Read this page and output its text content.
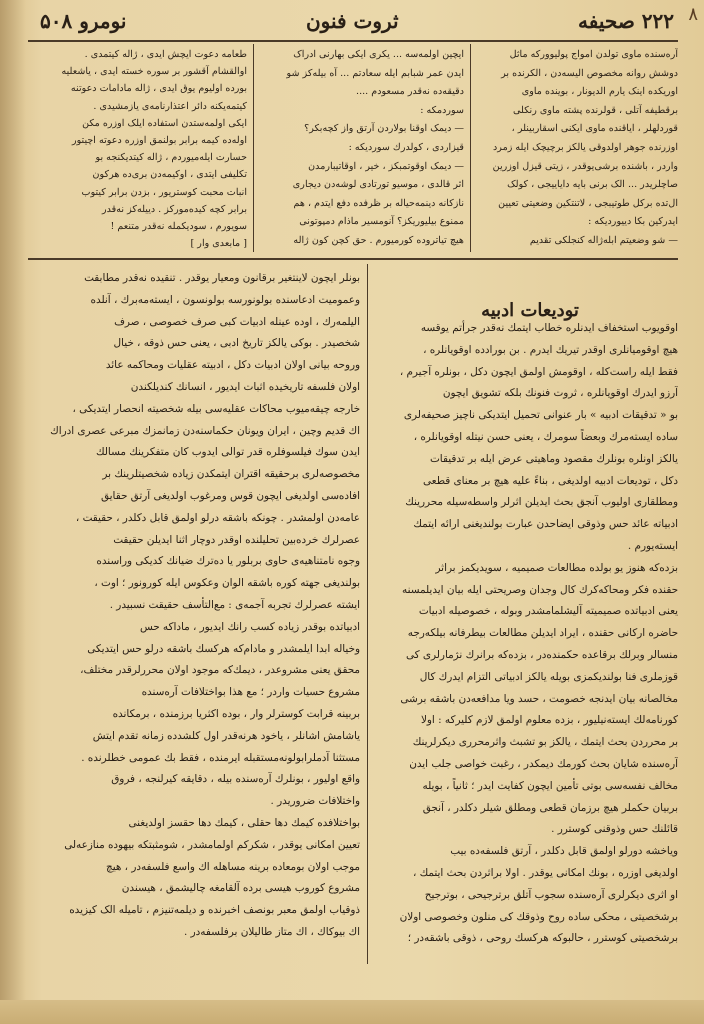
۸
۲۲۲ صحیفه
ثروت فنون
نومرو ۵۰۸
آره‌سنده ماوی تولدن امواج پولیوورکه ماثل
دوشش روانه مخصوص الیسه‌دن ، الکرنده بر
اوریکده اینک یارم الدیونار ، بوینده ماوی
برقطیفه آتلی ، قولرنده پشته ماوی رنکلی
قوردلهلر ، ایاقنده ماوی ایکنی اسقاربینلر ،
اوزرنده جوهر اولدوقی یالکز برچیچک ایله زمرد
واردر ، باشنده برشی‌یوقدر ، زیتی قیزل اوزرین
صاچلریدر ... الک برنی بایه دایاییجی ، کولک
ال‌تده برکل طوتیبجی ، لاتنتکین وضعیتی تعیین
ایدرکین بکا دییوردیکه :
— شو وضعیتم ابله‌ژاله کنجلکی تقدیم
ایچین اولمه‌سه ... یکری ایکی بهارنی ادراک
ایدن عمر شبابم ایله سعادتم ... آه بیله‌کز شو
دقیقه‌ده نه‌قدر مسعودم ....
سوردمکه :
— دیمک اوقنا بولاردن آرتق واز کچه‌بکر؟
قیزاردی ، کولدرك سوردیکه :
— دیمک اوقوتمبکز ، خیر ، اوقاتیبارمدن
اثر قالدی ، موسیو تورتادی لوشه‌دن دیجاری
نازکانه دینمه‌حیاله بر ظرفده دفع ایتدم ، هم
ممنوع بیلیوریکز؟ آنومسیر ماذام دمپوتونی
هیچ تیاتروده کورمیورم . حق کچن کون ژاله
طعامه دعوت ایچش ایدی ، ژاله کیتمدی .
اوالقشام آقشور بر سوره خسته ایدی ، یاشعلیه
بورده اولیوم یوق ایدی ، ژاله مادامات دعوتنه
کیتمه‌یکنه دائر اعتذارنامه‌ی یازمشیدی .
ایکی اولمه‌ستدن استفاده ایلک اوزره مکن
اوله‌ده کیمه برابر بولنمق اوزره دعوته اچیتور
حسارت ایله‌میوردم ، ژاله کیتدیکنجه بو
تکلیفی ایتدی ، اوکیمه‌دن بری‌ده هرکون
انبات محبت کوستریور ، بزدن برابر کیتوب
برابر کچه کیده‌مورکز . دییله‌کز نه‌قدر
سویورم ، سودیکمله نه‌قدر متنعم !
[ مابعدی وار ]
تودیعات ادبیه
اوقویوب استخفاف ایدنلره خطاب ایتمك نه‌قدر جرأتم یوقسه
هیچ اوقومیانلری اوقدر تیریك ایدرم . بن بورادده اوقویانلره ،
فقط ایله راست‌کله ، اوقومش اولمق ایچون دکل ، بونلره آجیرم ،
آرزو ایدرك اوقویانلره ، ثروت فنونك بلکه تشویق ایچون
بو « تدقیقات ادبیه » بار عنوانی تحمیل ایتدیکی ناچیز صحیفه‌لری
ساده ایسته‌مرك وبعضاً سومرك ، یعنی حسن نیتله اوقویانلره ،
یالکز اونلره بونلرك مقصود وماهیتی عرض ایله بر تدقیقات
دکل ، تودیعات ادبیه اولدیغی ، بناءً علیه هیچ بر معنای قطعی
ومطلقاری اولیوب آنجق بحث ایدیلن اثرلر واسطه‌سیله محررینك
ادبیاته عائد حس وذوقی ایضاحدن عبارت بولندیغنی ارائه ایتمك
ایسته‌یورم .
بزده‌که هنوز یو بولده مطالعات صمیمیه ، سویدیکمز براثر
حقنده فکر ومحاکه‌کرك کال وجدان وصریحتی ایله بیان ایدیلمسنه
یعنی ادبیاتده صمیمیته آلیشلمامشدر وبوله ، خصوصیله ادبیات
حاضره ارکانی حقنده ، ایراد ایدیلن مطالعات بیطرفانه بیلکه‌رجه
منسالر وبرلك برقاعده حکمنده‌در ، بزده‌که برانرك نژمارلری کی
قوزملری فنا بولندیکمزی بویله یالکز ادبیاتی التزام ایدرك کال
مخالصانه بیان ایدنجه خصومت ، حسد ویا مدافعه‌دن باشقه برشی
کورنامه‌لك ایسته‌نیلیور ، بزده معلوم اولمق لازم کلیرکه : اولا
بر محرردن بحث ایتمك ، یالکز بو تشبث واثرمحرری دیکرلرینك
آره‌سنده شایان بحث کورمك دیمکدر ، رغبت خواصی جلب ایدن
مخالف نفسه‌سی بوتی تأمین ایچون کفایت ایدر ؛ ثانیاً ، بویله
بربیان حکملر هیچ برزمان قطعی ومطلق شیلر دکلدر ، آنجق
قائلنك حس وذوقنی کوسترر .
ویاخشه دورلو اولمق قابل دکلدر ، آرتق فلسفه‌ده بیب
اولدیغی اوزره ، بونك امکانی یوقدر . اولا براثردن بحث ایتمك ،
او اثری دیکرلری آره‌سنده سجوب آتلق برترجیحی ، بوترجیح
برشخصیتی ، محکی ساده روح وذوقك کی منلون وخصوصی اولان
برشخصیتی کوسترر ، حالبوکه هرکسك روحی ، ذوقی باشقه‌در ؛
بونلر ایچون لاینتغیر برقانون ومعیار یوقدر . تنقیده نه‌قدر مطابقت
وعمومیت ادعاسنده بولونورسه بولونسون ، ایسته‌مه‌برك ، آنلده
الیلمه‌رك ، اوده عینله ادبیات کبی صرف خصوصی ، صرف
شخصیدر . بوکی یالکز تاریخ ادبی ، یعنی حس ذوقه ، خیال
وروحه بیانی اولان ادبیات دکل ، ادبیته عقلیات ومحاکمه عائد
اولان فلسفه تاریخیده اثبات ایدیور ، انسانك کندیلکندن
خارجه چیقه‌میوب محاکات عقلیه‌سی بیله شخصیته انحصار ایتدیکی ،
اك قدیم وچین ، ایران ویونان حکماسنه‌دن زمانمزك مبرعی عصری ادراك
ایدن سوك فیلسوفلره قدر توالی ایدوب کان متفکرینك مسالك
مخصوصه‌لری برحقیقه اقتران ایتمکدن زیاده شخصیتلرینك بر
افاده‌سی اولدیغی ایچون قوس ومرغوب اولدیغی آرتق حقایق
عامه‌دن اولمشدر . چونکه باشقه درلو اولمق قابل دکلدر ، حقیقت ،
عصرلرك خرده‌بین تحلیلنده اوقدر دوچار اثنا ایدیلن حقیقت
وجوه نامتناهیه‌ی حاوی بربلور یا ده‌ترك ضیانك کدیکی وراسنده
بولندیغی جهته کوره باشقه الوان وعکوس ایله کورونور ؛ اوت ،
ایشته عصرلرك تجربه آجمه‌ی : مع‌التأسف حقیقت نسبیدر .
ادبیاتده بوقدر زیاده کسب رانك ایدیور ، ماداکه حس
وخیاله ابدا ایلمشدر و مادام‌که هرکسك باشقه درلو حس ایتدیکی
محقق یعنی مشروعدر ، دیمك‌که موجود اولان محررلرقدر مختلف،
مشروع حسیات واردر ؛ مع هذا بواختلافات آره‌سنده
بربینه قرابت کوسترلر وار ، بوده اکثریا برزمنده ، برمکانده
یاشامش اشانلر ، یاخود هرنه‌قدر اول کلشدده زمانه تقدم ایتش
مستثنا آدملرابولونه‌مستقبله ایرمنده ، فقط بك عمومی خطلرنده .
واقع اولیور ، بونلرك آره‌سنده بیله ، دقایقه کیرلنجه ، فروق
واختلافات ضروریدر .
بواختلافده کیمك دها حقلی ، کیمك دها حقسز اولدیغنی
تعیین امکانی یوقدر ، شکرکم اولمامشدر ، شومثبتکه بیهوده منازعه‌لی
موجب اولان بومعاده برینه مساهله اك واسع فلسفه‌در ، هیچ
مشروع کوروب هیسی برده آلقامغه چالیشمق ، هیسندن
ذوقیاب اولمق معبر بونصف اخبرنده و دیلمه‌تنیزم ، تامیله الک کیزیده
اك بیوکاك ، اك متاز طالیلان برفلسفه‌در .
